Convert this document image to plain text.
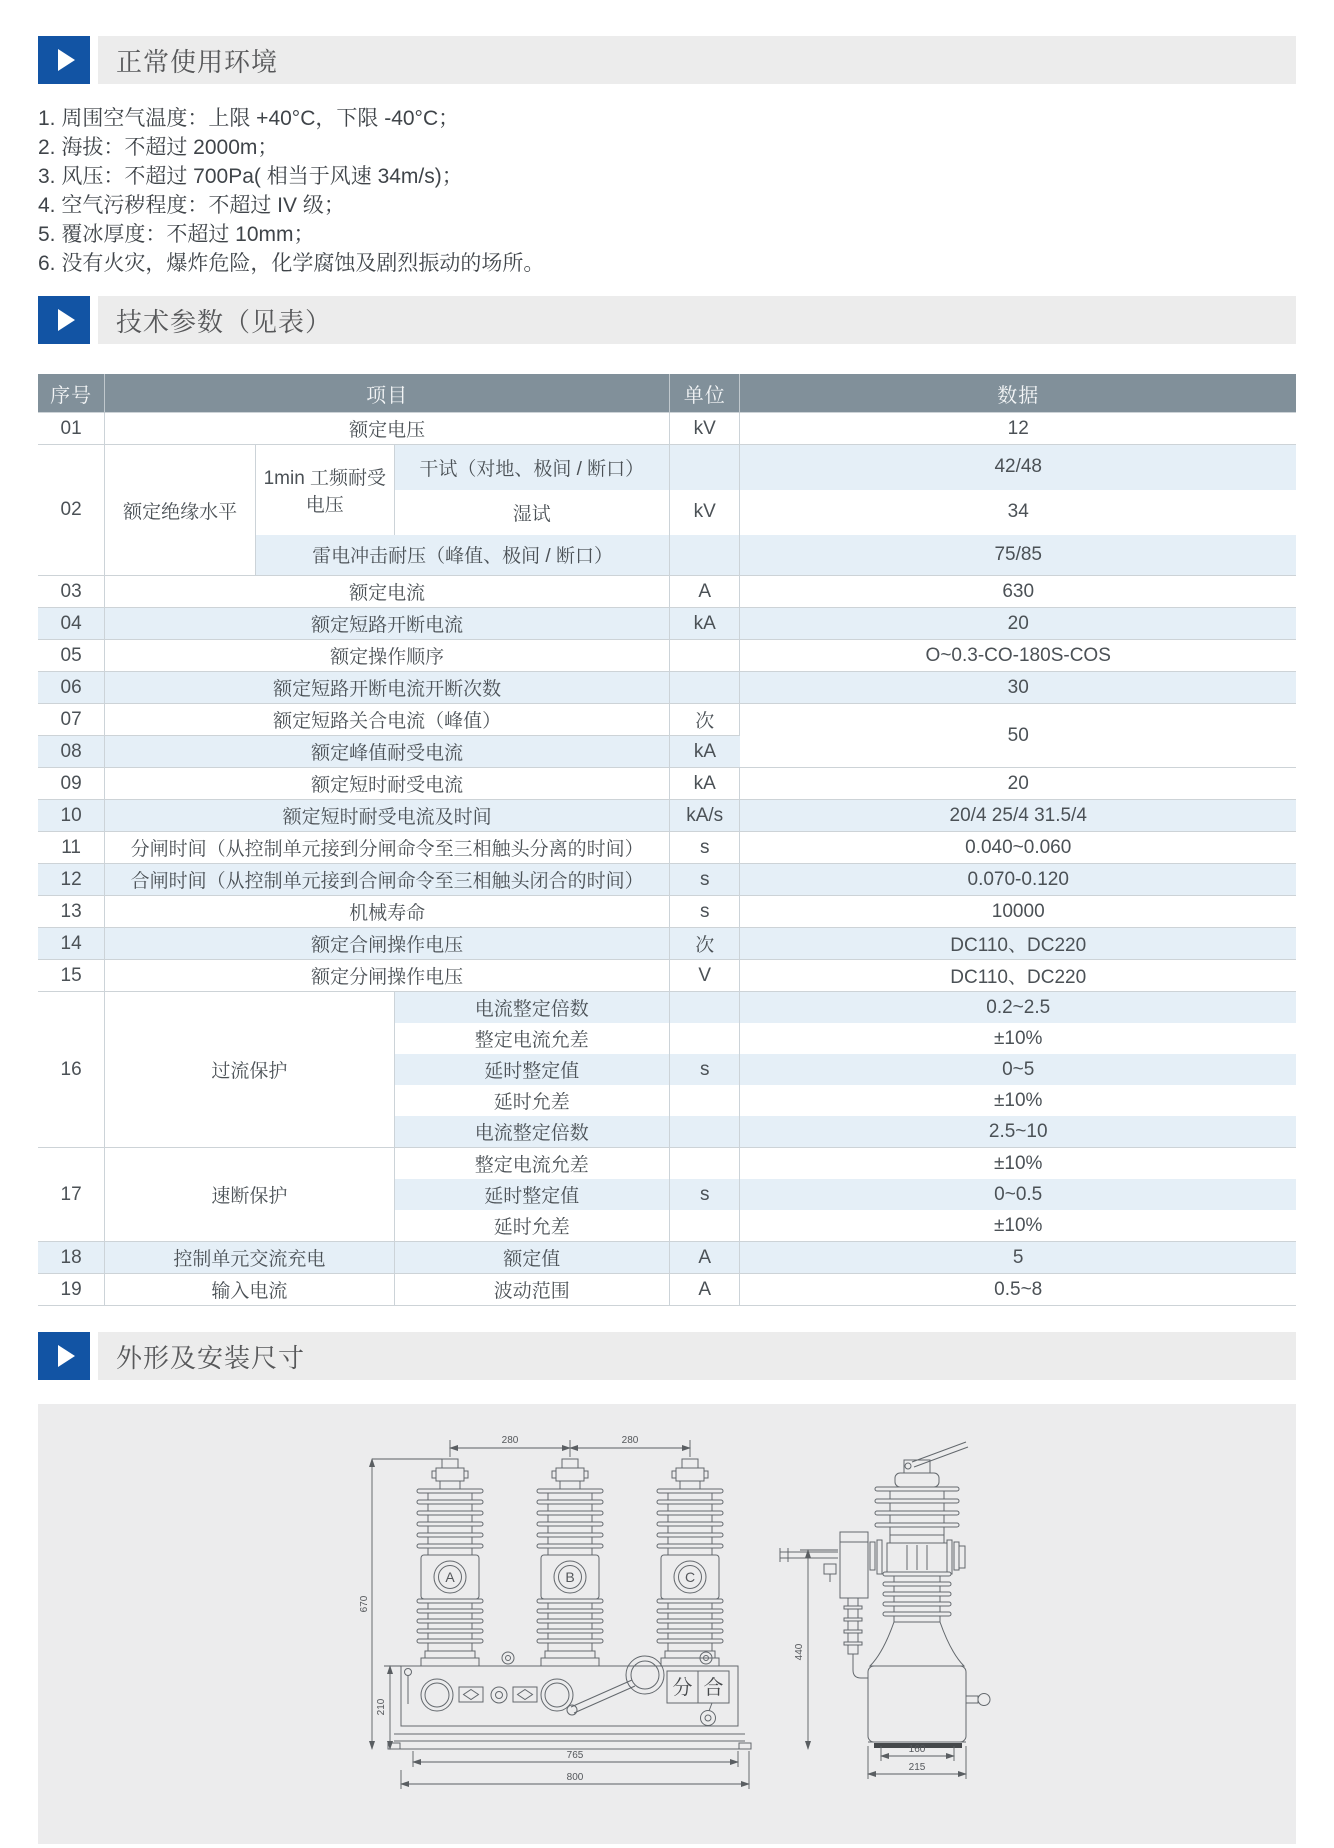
正常使用环境
1. 周围空气温度：上限 +40°C，下限 -40°C；
2. 海拔：不超过 2000m；
3. 风压：不超过 700Pa( 相当于风速 34m/s)；
4. 空气污秽程度：不超过 IV 级；
5. 覆冰厚度：不超过 10mm；
6. 没有火灾，爆炸危险，化学腐蚀及剧烈振动的场所。
技术参数（见表）
序号	项目			单位	数据
01	额定电压			kV	12
02	额定绝缘水平	1min 工频耐受电压	干试（对地、极间 / 断口）		42/48
			湿试	kV	34
		雷电冲击耐压（峰值、极间 / 断口）			75/85
03	额定电流			A	630
04	额定短路开断电流			kA	20
05	额定操作顺序				O~0.3-CO-180S-COS
06	额定短路开断电流开断次数				30
07	额定短路关合电流（峰值）			次	50
08	额定峰值耐受电流			kA	
09	额定短时耐受电流			kA	20
10	额定短时耐受电流及时间			kA/s	20/4 25/4 31.5/4
11	分闸时间（从控制单元接到分闸命令至三相触头分离的时间）			s	0.040~0.060
12	合闸时间（从控制单元接到合闸命令至三相触头闭合的时间）			s	0.070-0.120
13	机械寿命			s	10000
14	额定合闸操作电压			次	DC110、DC220
15	额定分闸操作电压			V	DC110、DC220
16	过流保护		电流整定倍数		0.2~2.5
			整定电流允差		±10%
			延时整定值	s	0~5
			延时允差		±10%
			电流整定倍数		2.5~10
17	速断保护		整定电流允差		±10%
			延时整定值	s	0~0.5
			延时允差		±10%
18	控制单元交流充电		额定值	A	5
19	输入电流		波动范围	A	0.5~8
外形及安装尺寸
A	B	C
分 合
280	280
670
210
765
800
440
160
215
